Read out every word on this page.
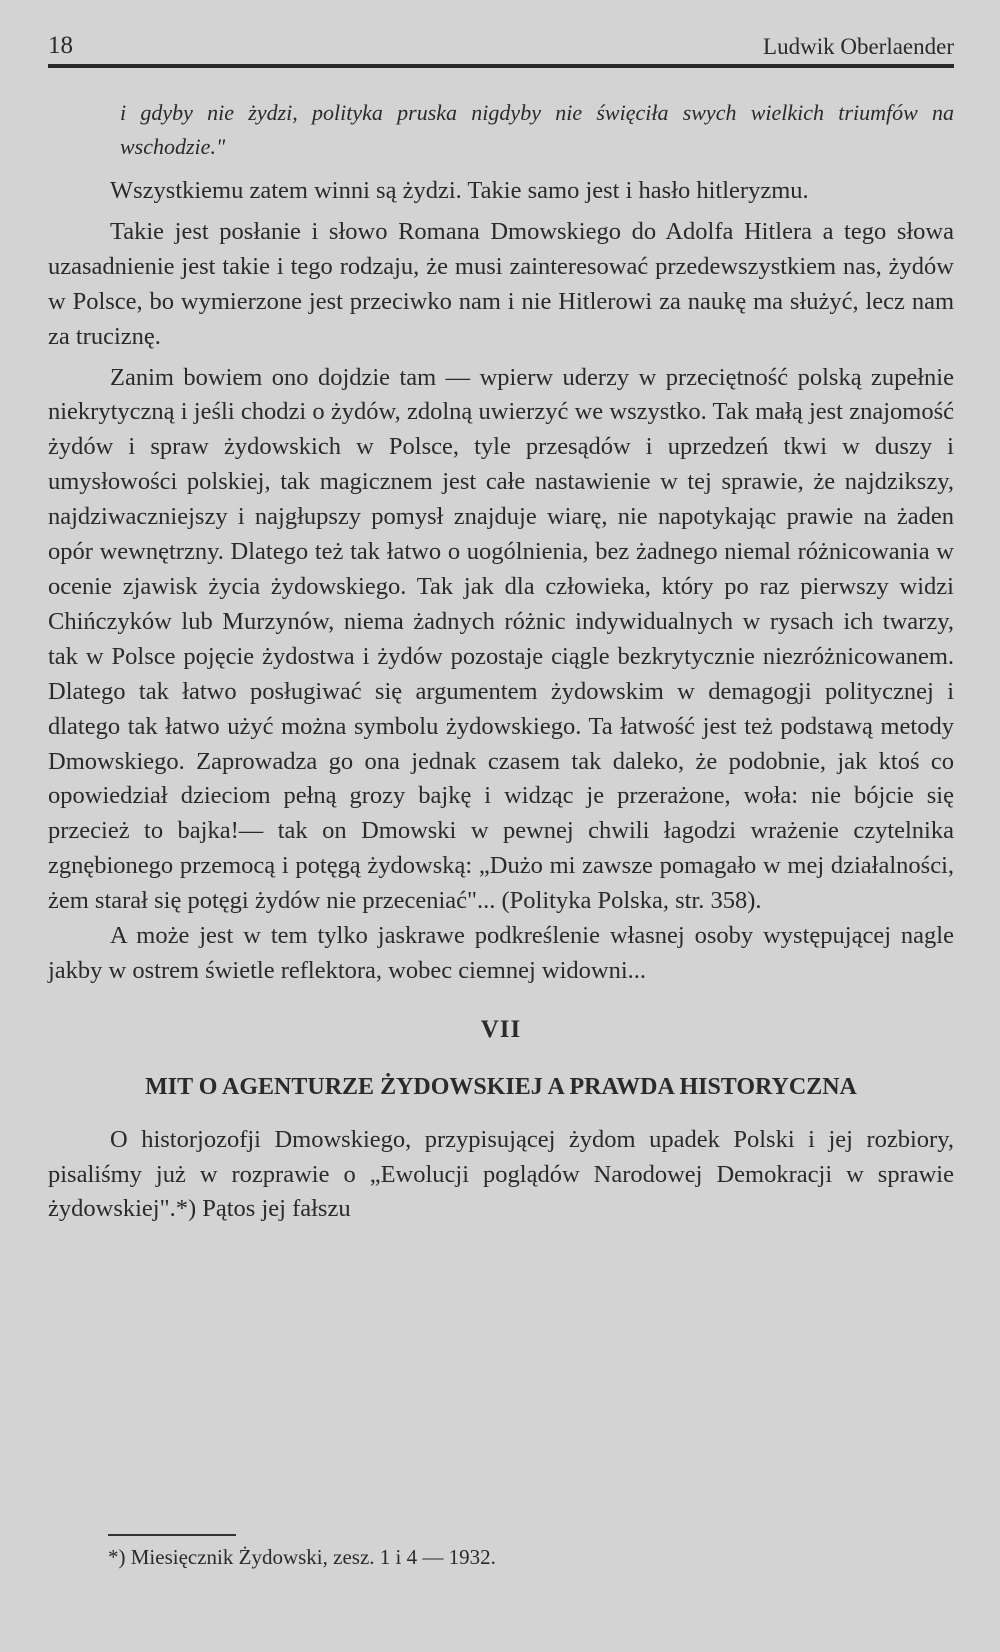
18	Ludwik Oberlaender

i gdyby nie żydzi, polityka pruska nigdyby nie święciła swych wielkich triumfów na wschodzie."

Wszystkiemu zatem winni są żydzi. Takie samo jest i hasło hitleryzmu.

Takie jest posłanie i słowo Romana Dmowskiego do Adolfa Hitlera a tego słowa uzasadnienie jest takie i tego rodzaju, że musi zainteresować przedewszystkiem nas, żydów w Polsce, bo wymierzone jest przeciwko nam i nie Hitlerowi za naukę ma służyć, lecz nam za truciznę.

Zanim bowiem ono dojdzie tam — wpierw uderzy w przeciętność polską zupełnie niekrytyczną i jeśli chodzi o żydów, zdolną uwierzyć we wszystko. Tak małą jest znajomość żydów i spraw żydowskich w Polsce, tyle przesądów i uprzedzeń tkwi w duszy i umysłowości polskiej, tak magicznem jest całe nastawienie w tej sprawie, że najdzikszy, najdziwaczniejszy i najgłupszy pomysł znajduje wiarę, nie napotykając prawie na żaden opór wewnętrzny. Dlatego też tak łatwo o uogólnienia, bez żadnego niemal różnicowania w ocenie zjawisk życia żydowskiego. Tak jak dla człowieka, który po raz pierwszy widzi Chińczyków lub Murzynów, niema żadnych różnic indywidualnych w rysach ich twarzy, tak w Polsce pojęcie żydostwa i żydów pozostaje ciągle bezkrytycznie niezróżnicowanem. Dlatego tak łatwo posługiwać się argumentem żydowskim w demagogji politycznej i dlatego tak łatwo użyć można symbolu żydowskiego. Ta łatwość jest też podstawą metody Dmowskiego. Zaprowadza go ona jednak czasem tak daleko, że podobnie, jak ktoś co opowiedział dzieciom pełną grozy bajkę i widząc je przerażone, woła: nie bójcie się przecież to bajka!— tak on Dmowski w pewnej chwili łagodzi wrażenie czytelnika zgnębionego przemocą i potęgą żydowską: „Dużo mi zawsze pomagało w mej działalności, żem starał się potęgi żydów nie przeceniać"... (Polityka Polska, str. 358).

A może jest w tem tylko jaskrawe podkreślenie własnej osoby występującej nagle jakby w ostrem świetle reflektora, wobec ciemnej widowni...

VII

MIT O AGENTURZE ŻYDOWSKIEJ A PRAWDA HISTORYCZNA

O historjozofji Dmowskiego, przypisującej żydom upadek Polski i jej rozbiory, pisaliśmy już w rozprawie o „Ewolucji poglądów Narodowej Demokracji w sprawie żydowskiej".*) Pątos jej fałszu

*) Miesięcznik Żydowski, zesz. 1 i 4 — 1932.
